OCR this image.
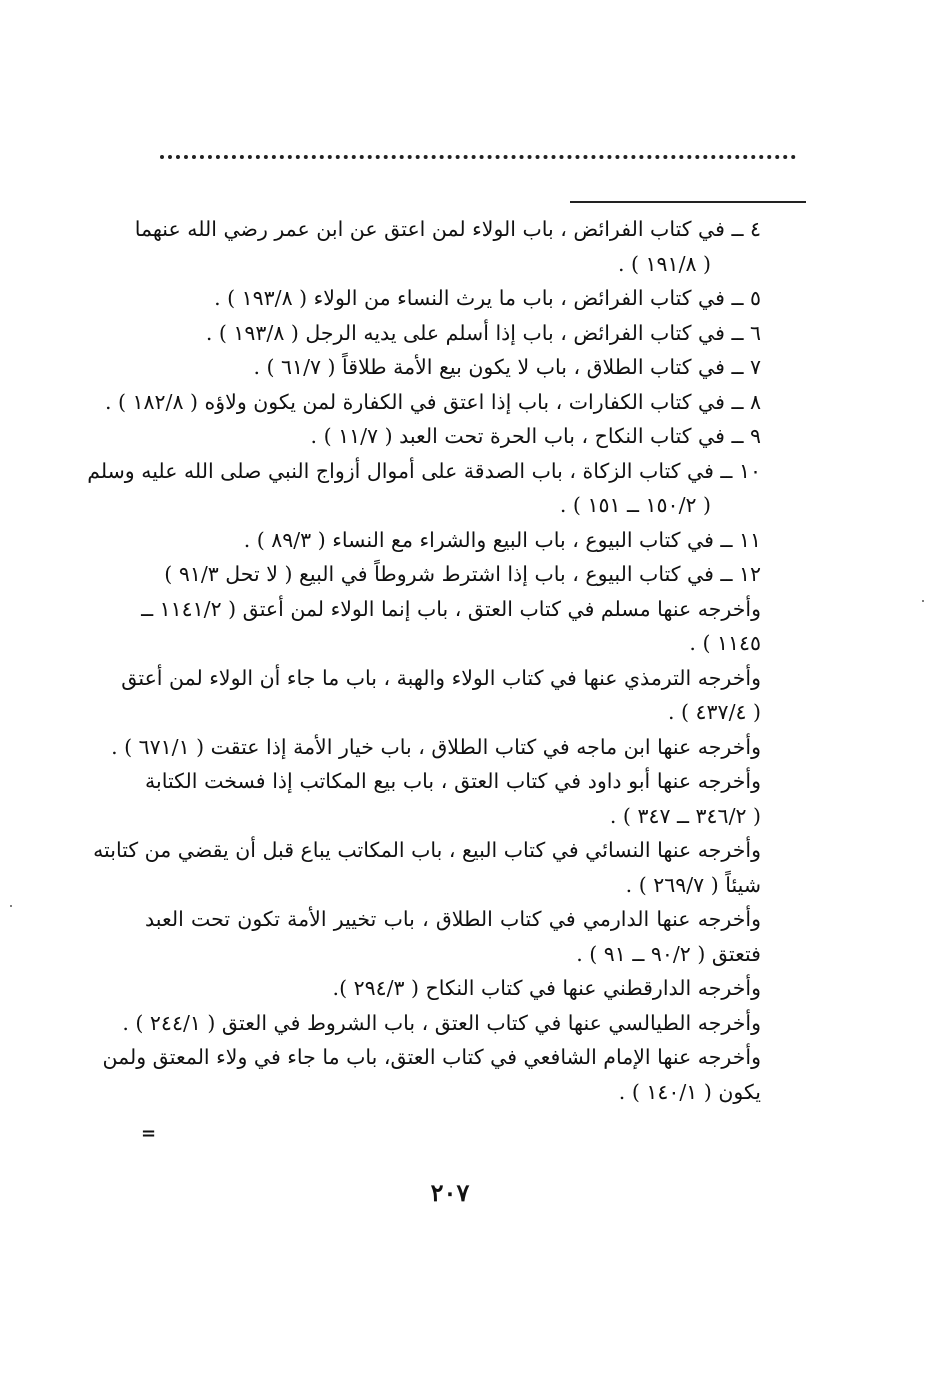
٤ ــ في كتاب الفرائض ، باب الولاء لمن اعتق عن ابن عمر رضي الله عنهما
( ١٩١/٨ ) .
٥ ــ في كتاب الفرائض ، باب ما يرث النساء من الولاء ( ١٩٣/٨ ) .
٦ ــ في كتاب الفرائض ، باب إذا أسلم على يديه الرجل ( ١٩٣/٨ ) .
٧ ــ في كتاب الطلاق ، باب لا يكون بيع الأمة طلاقاً ( ٦١/٧ ) .
٨ ــ في كتاب الكفارات ، باب إذا اعتق في الكفارة لمن يكون ولاؤه ( ١٨٢/٨ ) .
٩ ــ في كتاب النكاح ، باب الحرة تحت العبد ( ١١/٧ ) .
١٠ ــ في كتاب الزكاة ، باب الصدقة على أموال أزواج النبي صلى الله عليه وسلم
( ١٥٠/٢ ــ ١٥١ ) .
١١ ــ في كتاب البيوع ، باب البيع والشراء مع النساء ( ٨٩/٣ ) .
١٢ ــ في كتاب البيوع ، باب إذا اشترط شروطاً في البيع ( لا تحل ٩١/٣ )
وأخرجه عنها مسلم في كتاب العتق ، باب إنما الولاء لمن أعتق ( ١١٤١/٢ ــ
١١٤٥ ) .
وأخرجه الترمذي عنها في كتاب الولاء والهبة ، باب ما جاء أن الولاء لمن أعتق
( ٤٣٧/٤ ) .
وأخرجه عنها ابن ماجه في كتاب الطلاق ، باب خيار الأمة إذا عتقت ( ٦٧١/١ ) .
وأخرجه عنها أبو داود في كتاب العتق ، باب بيع المكاتب إذا فسخت الكتابة
( ٣٤٦/٢ ــ ٣٤٧ ) .
وأخرجه عنها النسائي في كتاب البيع ، باب المكاتب يباع قبل أن يقضي من كتابته
شيئاً ( ٢٦٩/٧ ) .
وأخرجه عنها الدارمي في كتاب الطلاق ، باب تخيير الأمة تكون تحت العبد
فتعتق ( ٩٠/٢ ــ ٩١ ) .
وأخرجه الدارقطني عنها في كتاب النكاح ( ٢٩٤/٣ ).
وأخرجه الطيالسي عنها في كتاب العتق ، باب الشروط في العتق ( ٢٤٤/١ ) .
وأخرجه عنها الإمام الشافعي في كتاب العتق، باب ما جاء في ولاء المعتق ولمن
يكون ( ١٤٠/١ ) .
=
٢٠٧
